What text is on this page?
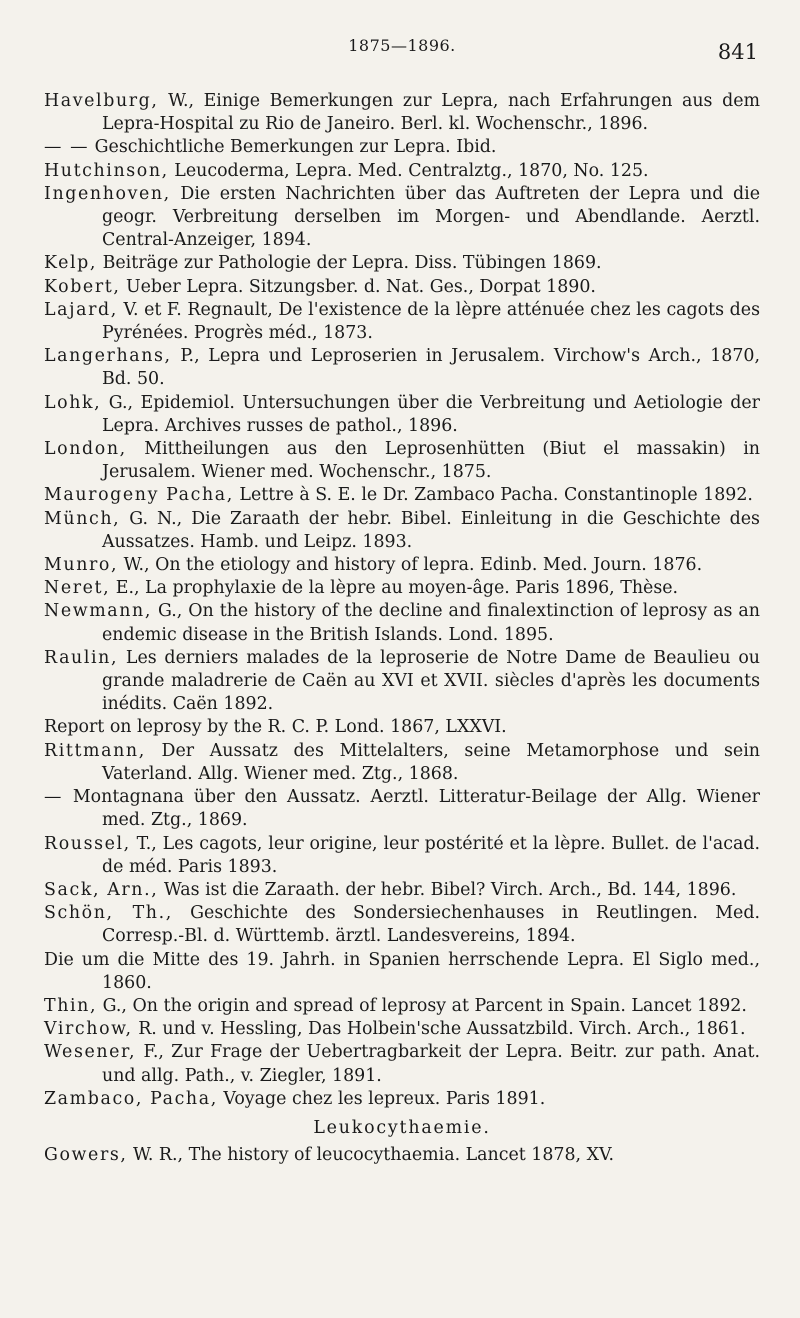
1875—1896.	841
Havelburg, W., Einige Bemerkungen zur Lepra, nach Erfahrungen aus dem Lepra-Hospital zu Rio de Janeiro. Berl. kl. Wochenschr., 1896.
— — Geschichtliche Bemerkungen zur Lepra. Ibid.
Hutchinson, Leucoderma, Lepra. Med. Centralztg., 1870, No. 125.
Ingenhoven, Die ersten Nachrichten über das Auftreten der Lepra und die geogr. Verbreitung derselben im Morgen- und Abendlande. Aerztl. Central-Anzeiger, 1894.
Kelp, Beiträge zur Pathologie der Lepra. Diss. Tübingen 1869.
Kobert, Ueber Lepra. Sitzungsber. d. Nat. Ges., Dorpat 1890.
Lajard, V. et F. Regnault, De l'existence de la lèpre atténuée chez les cagots des Pyrénées. Progrès méd., 1873.
Langerhans, P., Lepra und Leproserien in Jerusalem. Virchow's Arch., 1870, Bd. 50.
Lohk, G., Epidemiol. Untersuchungen über die Verbreitung und Aetiologie der Lepra. Archives russes de pathol., 1896.
London, Mittheilungen aus den Leprosenhütten (Biut el massakin) in Jerusalem. Wiener med. Wochenschr., 1875.
Maurogeny Pacha, Lettre à S. E. le Dr. Zambaco Pacha. Constantinople 1892.
Münch, G. N., Die Zaraath der hebr. Bibel. Einleitung in die Geschichte des Aussatzes. Hamb. und Leipz. 1893.
Munro, W., On the etiology and history of lepra. Edinb. Med. Journ. 1876.
Neret, E., La prophylaxie de la lèpre au moyen-âge. Paris 1896, Thèse.
Newmann, G., On the history of the decline and finalextinction of leprosy as an endemic disease in the British Islands. Lond. 1895.
Raulin, Les derniers malades de la leproserie de Notre Dame de Beaulieu ou grande maladrerie de Caën au XVI et XVII. siècles d'après les documents inédits. Caën 1892.
Report on leprosy by the R. C. P. Lond. 1867, LXXVI.
Rittmann, Der Aussatz des Mittelalters, seine Metamorphose und sein Vaterland. Allg. Wiener med. Ztg., 1868.
— Montagnana über den Aussatz. Aerztl. Litteratur-Beilage der Allg. Wiener med. Ztg., 1869.
Roussel, T., Les cagots, leur origine, leur postérité et la lèpre. Bullet. de l'acad. de méd. Paris 1893.
Sack, Arn., Was ist die Zaraath. der hebr. Bibel? Virch. Arch., Bd. 144, 1896.
Schön, Th., Geschichte des Sondersiechenhauses in Reutlingen. Med. Corresp.-Bl. d. Württemb. ärztl. Landesvereins, 1894.
Die um die Mitte des 19. Jahrh. in Spanien herrschende Lepra. El Siglo med., 1860.
Thin, G., On the origin and spread of leprosy at Parcent in Spain. Lancet 1892.
Virchow, R. und v. Hessling, Das Holbein'sche Aussatzbild. Virch. Arch., 1861.
Wesener, F., Zur Frage der Uebertragbarkeit der Lepra. Beitr. zur path. Anat. und allg. Path., v. Ziegler, 1891.
Zambaco, Pacha, Voyage chez les lepreux. Paris 1891.
Leukocythaemie.
Gowers, W. R., The history of leucocythaemia. Lancet 1878, XV.
